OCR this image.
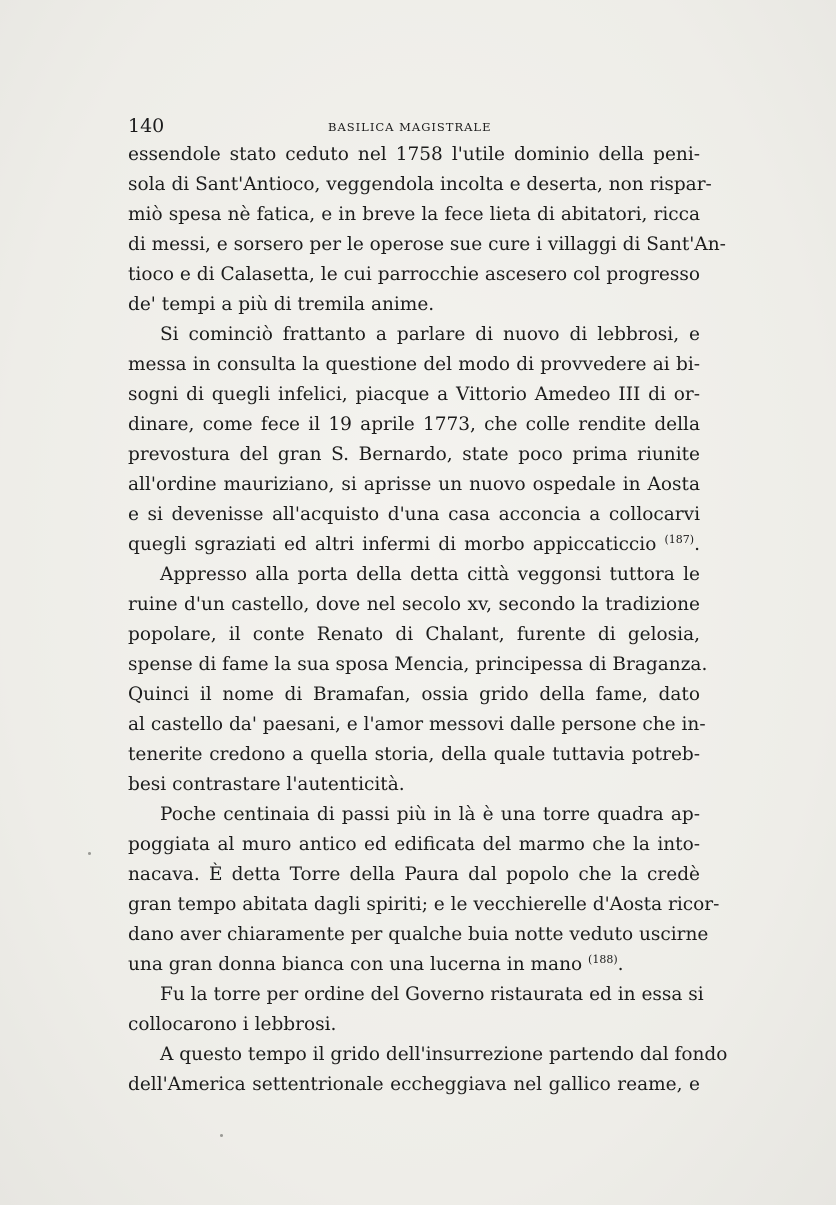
140	BASILICA MAGISTRALE
essendole stato ceduto nel 1758 l'utile dominio della peni-
sola di Sant'Antioco, veggendola incolta e deserta, non rispar-
miò spesa nè fatica, e in breve la fece lieta di abitatori, ricca
di messi, e sorsero per le operose sue cure i villaggi di Sant'An-
tioco e di Calasetta, le cui parrocchie ascesero col progresso
de' tempi a più di tremila anime.
Si cominciò frattanto a parlare di nuovo di lebbrosi, e
messa in consulta la questione del modo di provvedere ai bi-
sogni di quegli infelici, piacque a Vittorio Amedeo III di or-
dinare, come fece il 19 aprile 1773, che colle rendite della
prevostura del gran S. Bernardo, state poco prima riunite
all'ordine mauriziano, si aprisse un nuovo ospedale in Aosta
e si devenisse all'acquisto d'una casa acconcia a collocarvi
quegli sgraziati ed altri infermi di morbo appiccaticcio $^{(187)}$.
Appresso alla porta della detta città veggonsi tuttora le
ruine d'un castello, dove nel secolo xv, secondo la tradizione
popolare, il conte Renato di Chalant, furente di gelosia,
spense di fame la sua sposa Mencia, principessa di Braganza.
Quinci il nome di Bramafan, ossia grido della fame, dato
al castello da' paesani, e l'amor messovi dalle persone che in-
tenerite credono a quella storia, della quale tuttavia potreb-
besi contrastare l'autenticità.
Poche centinaia di passi più in là è una torre quadra ap-
poggiata al muro antico ed edificata del marmo che la into-
nacava. È detta Torre della Paura dal popolo che la credè
gran tempo abitata dagli spiriti; e le vecchierelle d'Aosta ricor-
dano aver chiaramente per qualche buia notte veduto uscirne
una gran donna bianca con una lucerna in mano $^{(188)}$.
Fu la torre per ordine del Governo ristaurata ed in essa si
collocarono i lebbrosi.
A questo tempo il grido dell'insurrezione partendo dal fondo
dell'America settentrionale eccheggiava nel gallico reame, e
